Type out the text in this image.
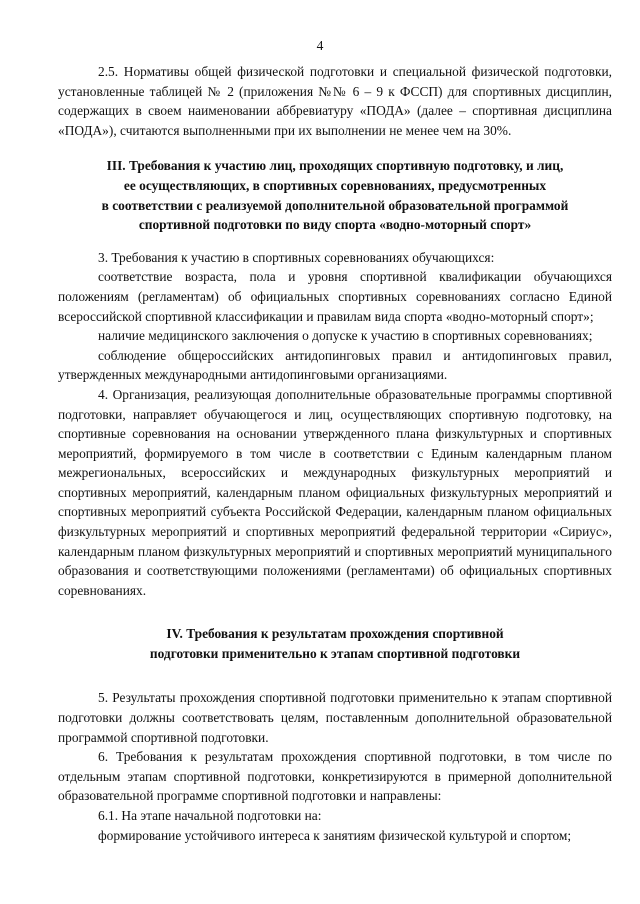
4

2.5. Нормативы общей физической подготовки и специальной физической подготовки, установленные таблицей № 2 (приложения №№ 6 – 9 к ФССП) для спортивных дисциплин, содержащих в своем наименовании аббревиатуру «ПОДА» (далее – спортивная дисциплина «ПОДА»), считаются выполненными при их выполнении не менее чем на 30%.

III. Требования к участию лиц, проходящих спортивную подготовку, и лиц,
ее осуществляющих, в спортивных соревнованиях, предусмотренных
в соответствии с реализуемой дополнительной образовательной программой
спортивной подготовки по виду спорта «водно-моторный спорт»

3. Требования к участию в спортивных соревнованиях обучающихся:

соответствие возраста, пола и уровня спортивной квалификации обучающихся положениям (регламентам) об официальных спортивных соревнованиях согласно Единой всероссийской спортивной классификации и правилам вида спорта «водно-моторный спорт»;

наличие медицинского заключения о допуске к участию в спортивных соревнованиях;

соблюдение общероссийских антидопинговых правил и антидопинговых правил, утвержденных международными антидопинговыми организациями.

4. Организация, реализующая дополнительные образовательные программы спортивной подготовки, направляет обучающегося и лиц, осуществляющих спортивную подготовку, на спортивные соревнования на основании утвержденного плана физкультурных и спортивных мероприятий, формируемого в том числе в соответствии с Единым календарным планом межрегиональных, всероссийских и международных физкультурных мероприятий и спортивных мероприятий, календарным планом официальных физкультурных мероприятий и спортивных мероприятий субъекта Российской Федерации, календарным планом официальных физкультурных мероприятий и спортивных мероприятий федеральной территории «Сириус», календарным планом физкультурных мероприятий и спортивных мероприятий муниципального образования и соответствующими положениями (регламентами) об официальных спортивных соревнованиях.

IV. Требования к результатам прохождения спортивной
подготовки применительно к этапам спортивной подготовки

5. Результаты прохождения спортивной подготовки применительно к этапам спортивной подготовки должны соответствовать целям, поставленным дополнительной образовательной программой спортивной подготовки.

6. Требования к результатам прохождения спортивной подготовки, в том числе по отдельным этапам спортивной подготовки, конкретизируются в примерной дополнительной образовательной программе спортивной подготовки и направлены:

6.1. На этапе начальной подготовки на:

формирование устойчивого интереса к занятиям физической культурой и спортом;
